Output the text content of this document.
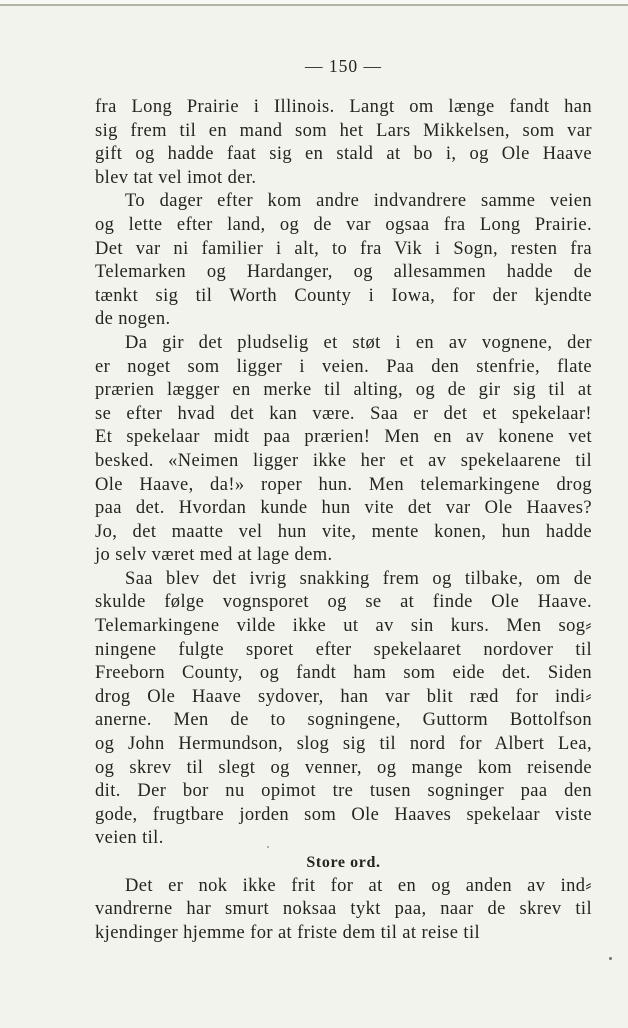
— 150 —
fra Long Prairie i Illinois. Langt om længe fandt han
sig frem til en mand som het Lars Mikkelsen, som var
gift og hadde faat sig en stald at bo i, og Ole Haave
blev tat vel imot der.
To dager efter kom andre indvandrere samme veien
og lette efter land, og de var ogsaa fra Long Prairie.
Det var ni familier i alt, to fra Vik i Sogn, resten fra
Telemarken og Hardanger, og allesammen hadde de
tænkt sig til Worth County i Iowa, for der kjendte
de nogen.
Da gir det pludselig et støt i en av vognene, der
er noget som ligger i veien. Paa den stenfrie, flate
prærien lægger en merke til alting, og de gir sig til at
se efter hvad det kan være. Saa er det et spekelaar!
Et spekelaar midt paa prærien! Men en av konene vet
besked. «Neimen ligger ikke her et av spekelaarene til
Ole Haave, da!» roper hun. Men telemarkingene drog
paa det. Hvordan kunde hun vite det var Ole Haaves?
Jo, det maatte vel hun vite, mente konen, hun hadde
jo selv været med at lage dem.
Saa blev det ivrig snakking frem og tilbake, om de
skulde følge vognsporet og se at finde Ole Haave.
Telemarkingene vilde ikke ut av sin kurs. Men sog⸗
ningene fulgte sporet efter spekelaaret nordover til
Freeborn County, og fandt ham som eide det. Siden
drog Ole Haave sydover, han var blit ræd for indi⸗
anerne. Men de to sogningene, Guttorm Bottolfson
og John Hermundson, slog sig til nord for Albert Lea,
og skrev til slegt og venner, og mange kom reisende
dit. Der bor nu opimot tre tusen sogninger paa den
gode, frugtbare jorden som Ole Haaves spekelaar viste
veien til.
Store ord.
Det er nok ikke frit for at en og anden av ind⸗
vandrerne har smurt noksaa tykt paa, naar de skrev til
kjendinger hjemme for at friste dem til at reise til
